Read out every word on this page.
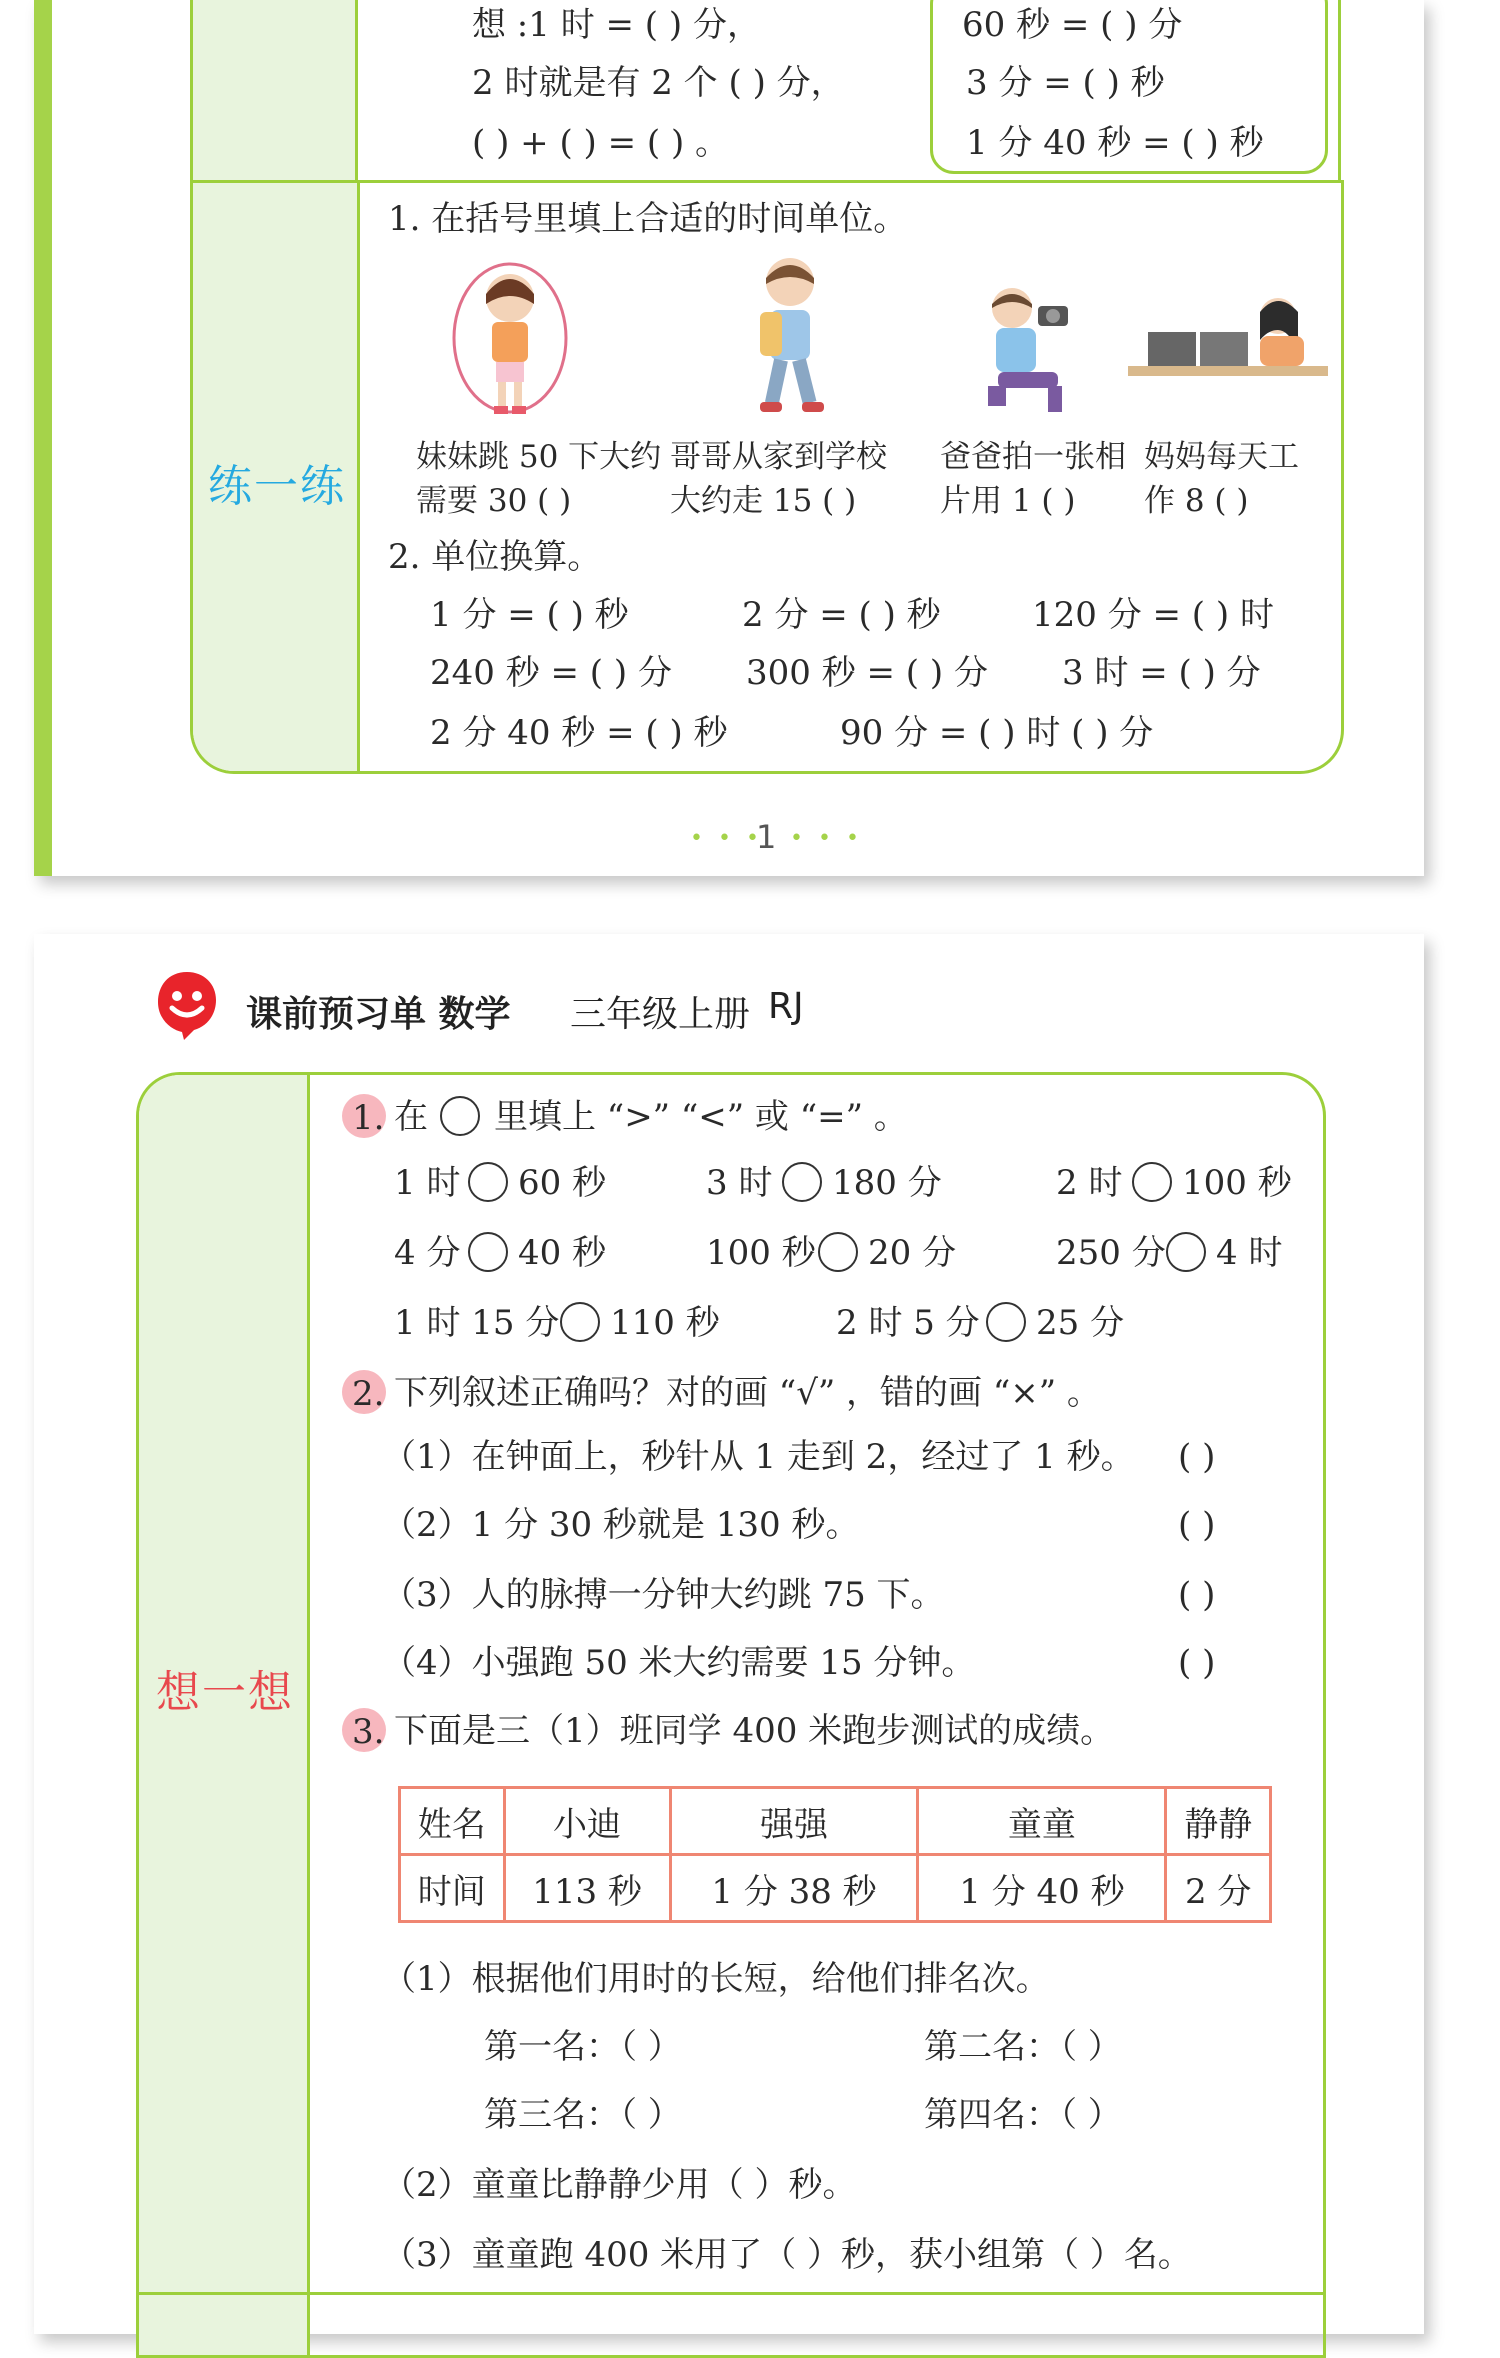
想 :1 时 = ( ) 分，
2 时就是有 2 个 ( ) 分，
( ) + ( ) = ( ) 。
60 秒 = ( ) 分
3 分 = ( ) 秒
1 分 40 秒 = ( ) 秒
练一练
1. 在括号里填上合适的时间单位。
妹妹跳 50 下大约
需要 30 ( )
哥哥从家到学校
大约走 15 ( )
爸爸拍一张相
片用 1 ( )
妈妈每天工
作 8 ( )
2. 单位换算。
1 分 = ( ) 秒	2 分 = ( ) 秒	120 分 = ( ) 时
240 秒 = ( ) 分 300 秒 = ( ) 分 3 时 = ( ) 分
2 分 40 秒 = ( ) 秒	90 分 = ( ) 时 ( ) 分
• • •
1 • • •
课前预习单 数学 三年级上册 RJ
想一想
1. 在 里填上 “>” “<” 或 “=” 。
1 时 60 秒	3 时 180 分	2 时 100 秒
4 分 40 秒	100 秒 20 分	250 分 4 时
1 时 15 分 110 秒	2 时 5 分 25 分
2. 下列叙述正确吗？对的画 “√” ，错的画 “×” 。
（1）在钟面上，秒针从 1 走到 2，经过了 1 秒。 ( )
（2）1 分 30 秒就是 130 秒。	( )
（3）人的脉搏一分钟大约跳 75 下。	( )
（4）小强跑 50 米大约需要 15 分钟。	( )
3. 下面是三（1）班同学 400 米跑步测试的成绩。
姓名	小迪	强强	童童	静静
时间	113 秒	1 分 38 秒	1 分 40 秒	2 分
（1）根据他们用时的长短，给他们排名次。
第一名：（ ）	第二名：（ ）
第三名：（ ）	第四名：（ ）
（2）童童比静静少用（ ）秒。
（3）童童跑 400 米用了（ ）秒，获小组第（ ）名。
